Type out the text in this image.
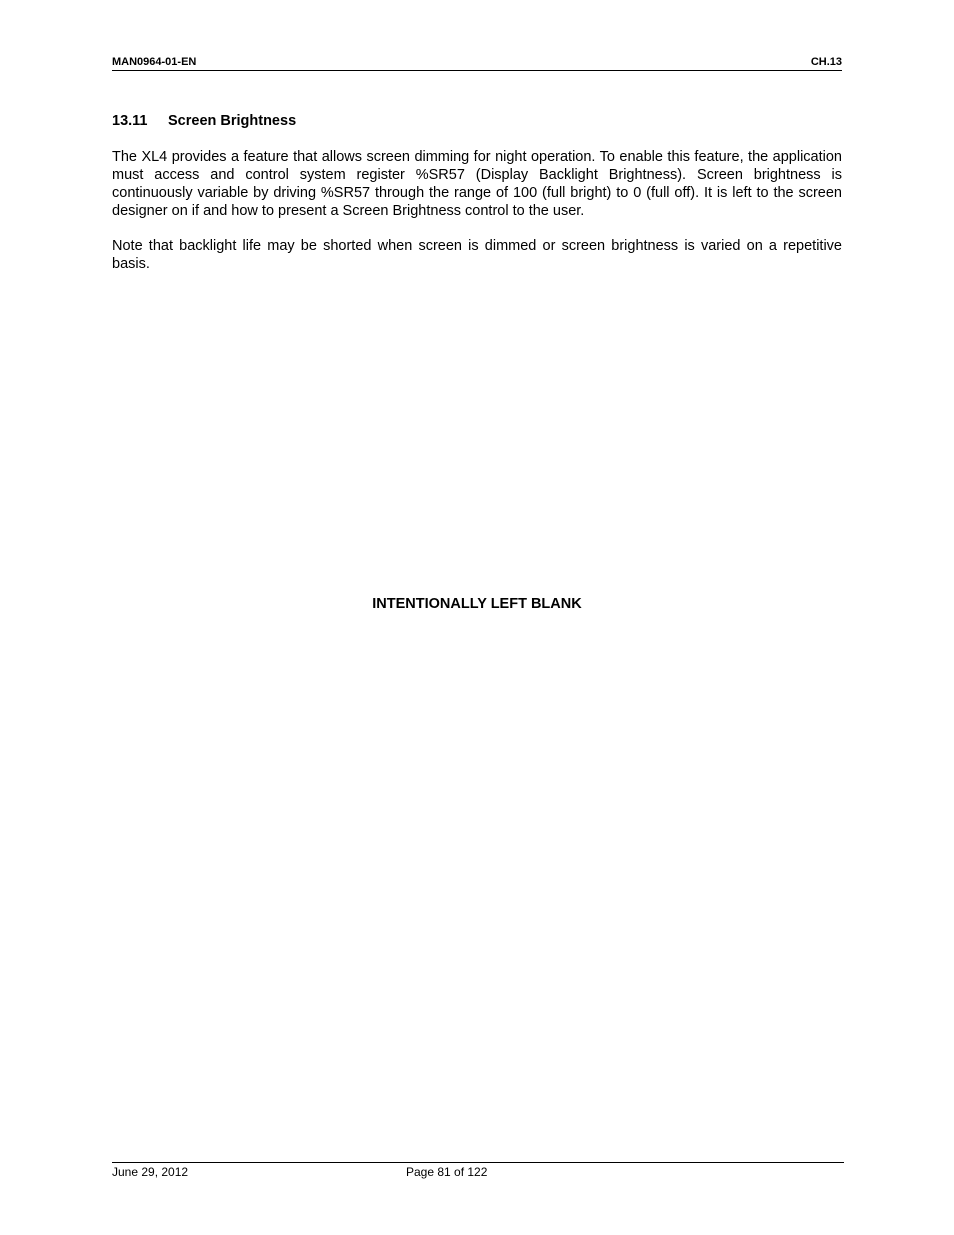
MAN0964-01-EN	CH.13
13.11 Screen Brightness

The XL4 provides a feature that allows screen dimming for night operation. To enable this feature, the application must access and control system register %SR57 (Display Backlight Brightness). Screen brightness is continuously variable by driving %SR57 through the range of 100 (full bright) to 0 (full off). It is left to the screen designer on if and how to present a Screen Brightness control to the user.

Note that backlight life may be shorted when screen is dimmed or screen brightness is varied on a repetitive basis.

INTENTIONALLY LEFT BLANK
June 29, 2012	Page 81 of 122
